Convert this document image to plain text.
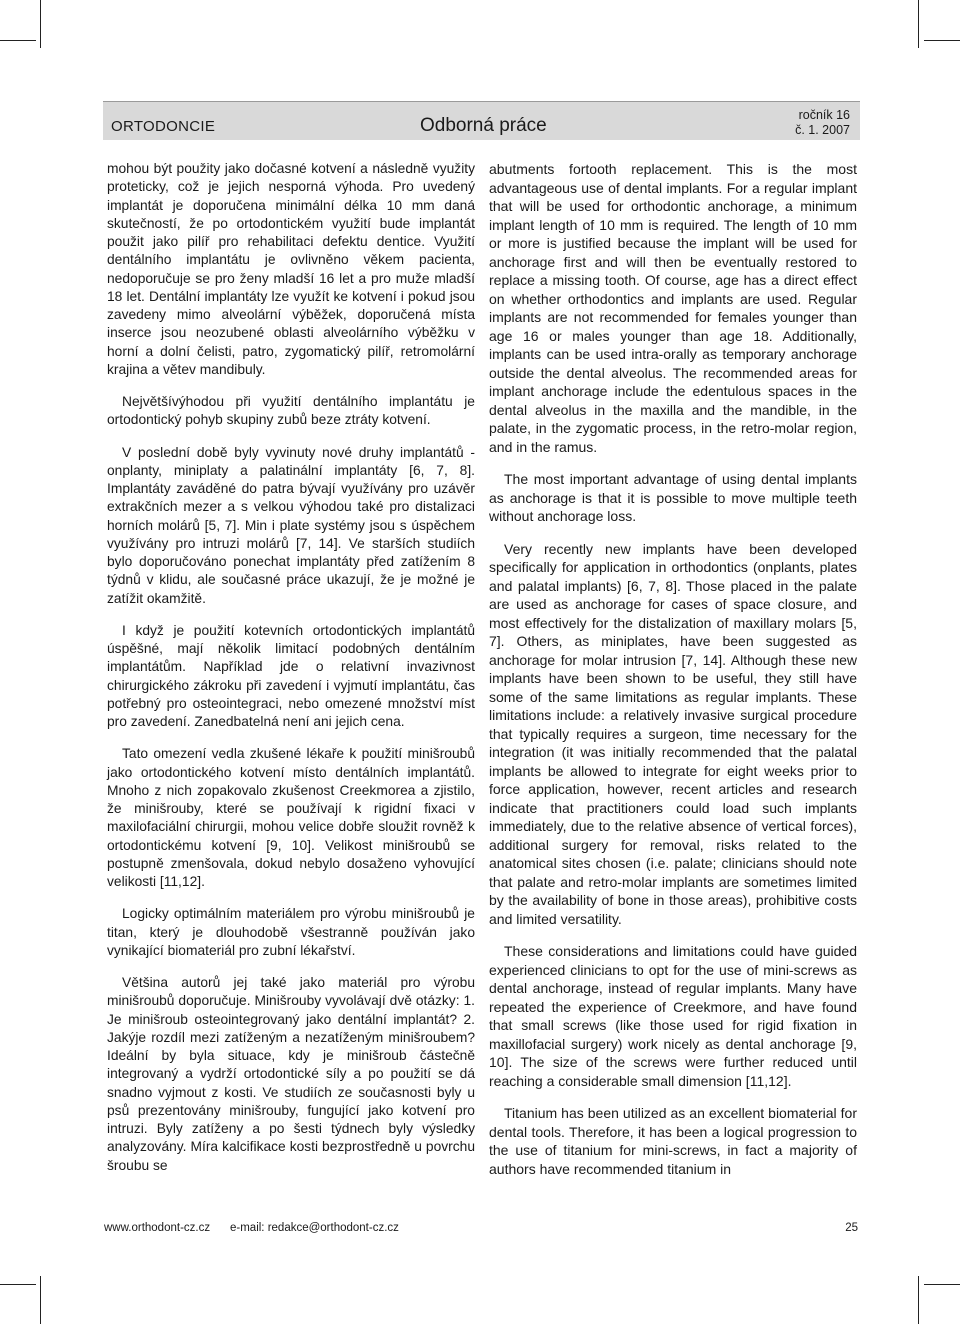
ORTODONCIE	Odborná práce	ročník 16
č. 1. 2007

mohou být použity jako dočasné kotvení a následně využity proteticky, což je jejich nesporná výhoda. Pro uvedený implantát je doporučena minimální délka 10 mm daná skutečností, že po ortodontickém využití bude implantát použit jako pilíř pro rehabilitaci defektu dentice. Využití dentálního implantátu je ovlivněno věkem pacienta, nedoporučuje se pro ženy mladší 16 let a pro muže mladší 18 let. Dentální implantáty lze využít ke kotvení i pokud jsou zavedeny mimo alveolární výběžek, doporučená místa inserce jsou neozubené oblasti alveolárního výběžku v horní a dolní čelisti, patro, zygomatický pilíř, retromolární krajina a větev mandibuly.

Největšívýhodou při využití dentálního implantátu je ortodontický pohyb skupiny zubů beze ztráty kotvení.

V poslední době byly vyvinuty nové druhy implantátů - onplanty, miniplaty a palatinální implantáty [6, 7, 8]. Implantáty zaváděné do patra bývají využívány pro uzávěr extrakčních mezer a s velkou výhodou také pro distalizaci horních molárů [5, 7]. Min i plate systémy jsou s úspěchem využívány pro intruzi molárů [7, 14]. Ve starších studiích bylo doporučováno ponechat implantáty před zatížením 8 týdnů v klidu, ale současné práce ukazují, že je možné je zatížit okamžitě.

I když je použití kotevních ortodontických implantátů úspěšné, mají několik limitací podobných dentálním implantátům. Například jde o relativní invazivnost chirurgického zákroku při zavedení i vyjmutí implantátu, čas potřebný pro osteointegraci, nebo omezené množství míst pro zavedení. Zanedbatelná není ani jejich cena.

Tato omezení vedla zkušené lékaře k použití minišroubů jako ortodontického kotvení místo dentálních implantátů. Mnoho z nich zopakovalo zkušenost Creekmorea a zjistilo, že minišrouby, které se používají k rigidní fixaci v maxilofaciální chirurgii, mohou velice dobře sloužit rovněž k ortodontickému kotvení [9, 10]. Velikost minišroubů se postupně zmenšovala, dokud nebylo dosaženo vyhovující velikosti [11,12].

Logicky optimálním materiálem pro výrobu minišroubů je titan, který je dlouhodobě všestranně používán jako vynikající biomateriál pro zubní lékařství.

Většina autorů jej také jako materiál pro výrobu minišroubů doporučuje. Minišrouby vyvolávají dvě otázky: 1. Je minišroub osteointegrovaný jako dentální implantát? 2. Jakýje rozdíl mezi zatíženým a nezatíženým minišroubem? Ideální by byla situace, kdy je minišroub částečně integrovaný a vydrží ortodontické síly a po použití se dá snadno vyjmout z kosti. Ve studiích ze současnosti byly u psů prezentovány minišrouby, fungující jako kotvení pro intruzi. Byly zatíženy a po šesti týdnech byly výsledky analyzovány. Míra kalcifikace kosti bezprostředně u povrchu šroubu se

abutments fortooth replacement. This is the most advantageous use of dental implants. For a regular implant that will be used for orthodontic anchorage, a minimum implant length of 10 mm is required. The length of 10 mm or more is justified because the implant will be used for anchorage first and will then be eventually restored to replace a missing tooth. Of course, age has a direct effect on whether orthodontics and implants are used. Regular implants are not recommended for females younger than age 16 or males younger than age 18. Additionally, implants can be used intra-orally as temporary anchorage outside the dental alveolus. The recommended areas for implant anchorage include the edentulous spaces in the dental alveolus in the maxilla and the mandible, in the palate, in the zygomatic process, in the retro-molar region, and in the ramus.

The most important advantage of using dental implants as anchorage is that it is possible to move multiple teeth without anchorage loss.

Very recently new implants have been developed specifically for application in orthodontics (onplants, plates and palatal implants) [6, 7, 8]. Those placed in the palate are used as anchorage for cases of space closure, and most effectively for the distalization of maxillary molars [5, 7]. Others, as miniplates, have been suggested as anchorage for molar intrusion [7, 14]. Although these new implants have been shown to be useful, they still have some of the same limitations as regular implants. These limitations include: a relatively invasive surgical procedure that typically requires a surgeon, time necessary for the integration (it was initially recommended that the palatal implants be allowed to integrate for eight weeks prior to force application, however, recent articles and research indicate that practitioners could load such implants immediately, due to the relative absence of vertical forces), additional surgery for removal, risks related to the anatomical sites chosen (i.e. palate; clinicians should note that palate and retro-molar implants are sometimes limited by the availability of bone in those areas), prohibitive costs and limited versatility.

These considerations and limitations could have guided experienced clinicians to opt for the use of mini-screws as dental anchorage, instead of regular implants. Many have repeated the experience of Creekmore, and have found that small screws (like those used for rigid fixation in maxillofacial surgery) work nicely as dental anchorage [9, 10]. The size of the screws were further reduced until reaching a considerable small dimension [11,12].

Titanium has been utilized as an excellent biomaterial for dental tools. Therefore, it has been a logical progression to the use of titanium for mini-screws, in fact a majority of authors have recommended titanium in

www.orthodont-cz.cz e-mail: redakce@orthodont-cz.cz	25
